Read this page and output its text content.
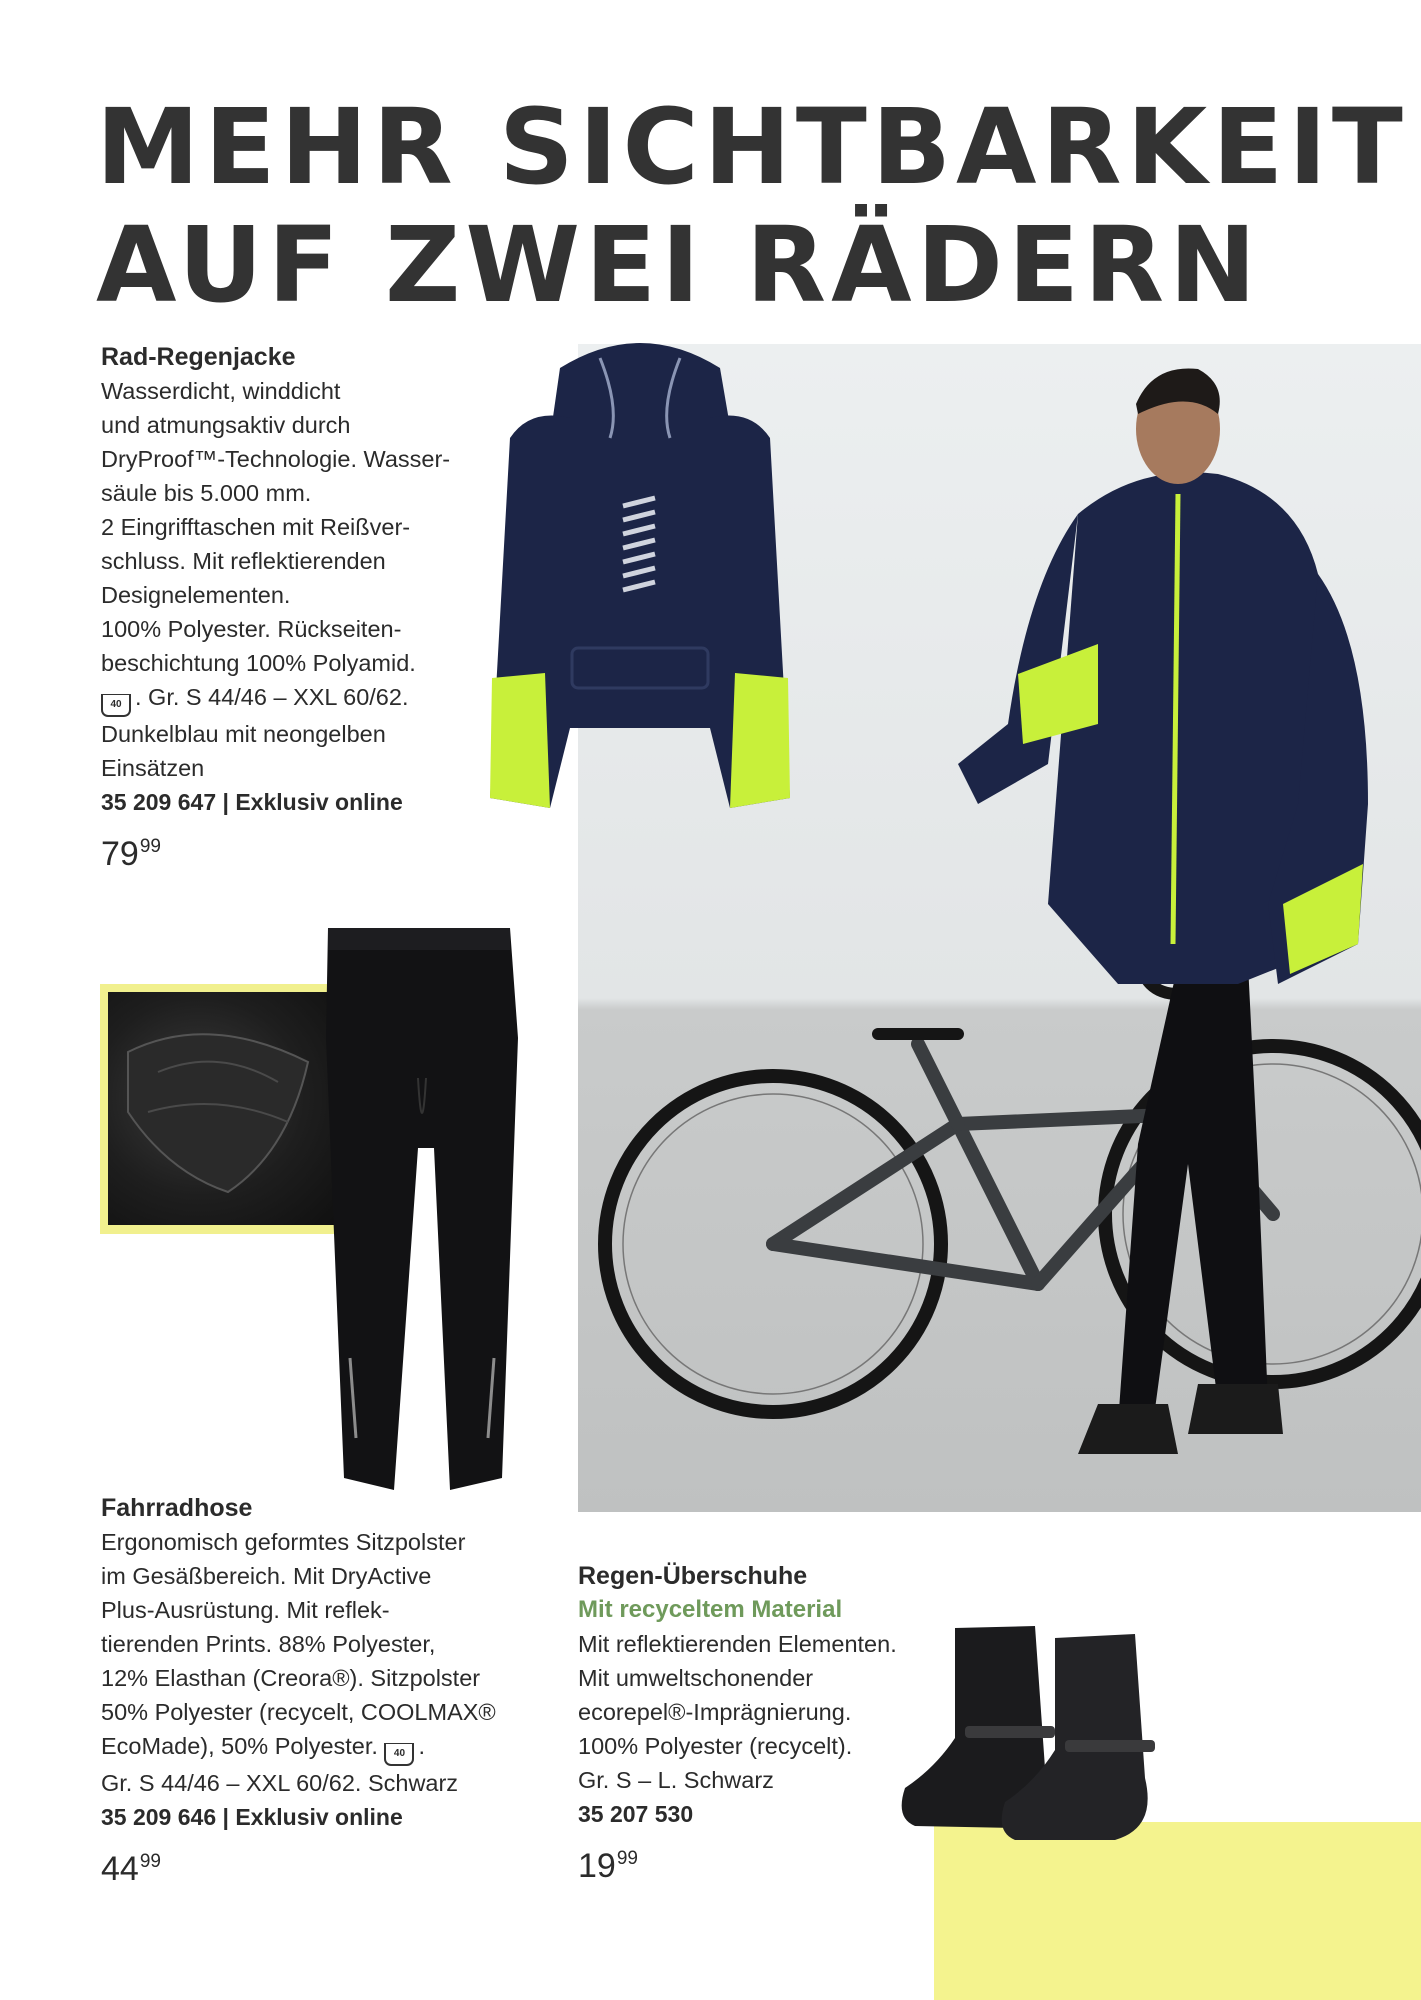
MEHR SICHTBARKEIT
AUF ZWEI RÄDERN

Rad-Regenjacke

Wasserdicht, winddicht
und atmungsaktiv durch
DryProof™-Technologie. Wasser-
säule bis 5.000 mm.
2 Eingrifftaschen mit Reißver-
schluss. Mit reflektierenden
Designelementen.
100% Polyester. Rückseiten-
beschichtung 100% Polyamid.

40 . Gr. S 44/46 – XXL 60/62.

Dunkelblau mit neongelben
Einsätzen

35 209 647 | Exklusiv online

$79^{99}$

Fahrradhose

Ergonomisch geformtes Sitzpolster
im Gesäßbereich. Mit DryActive
Plus-Ausrüstung. Mit reflek-
tierenden Prints. 88% Polyester,
12% Elasthan (Creora®). Sitzpolster
50% Polyester (recycelt, COOLMAX®

EcoMade), 50% Polyester. 40 .

Gr. S 44/46 – XXL 60/62. Schwarz

35 209 646 | Exklusiv online

$44^{99}$

Regen-Überschuhe

Mit recyceltem Material

Mit reflektierenden Elementen.
Mit umweltschonender
ecorepel®-Imprägnierung.
100% Polyester (recycelt).
Gr. S – L. Schwarz

35 207 530

$19^{99}$
